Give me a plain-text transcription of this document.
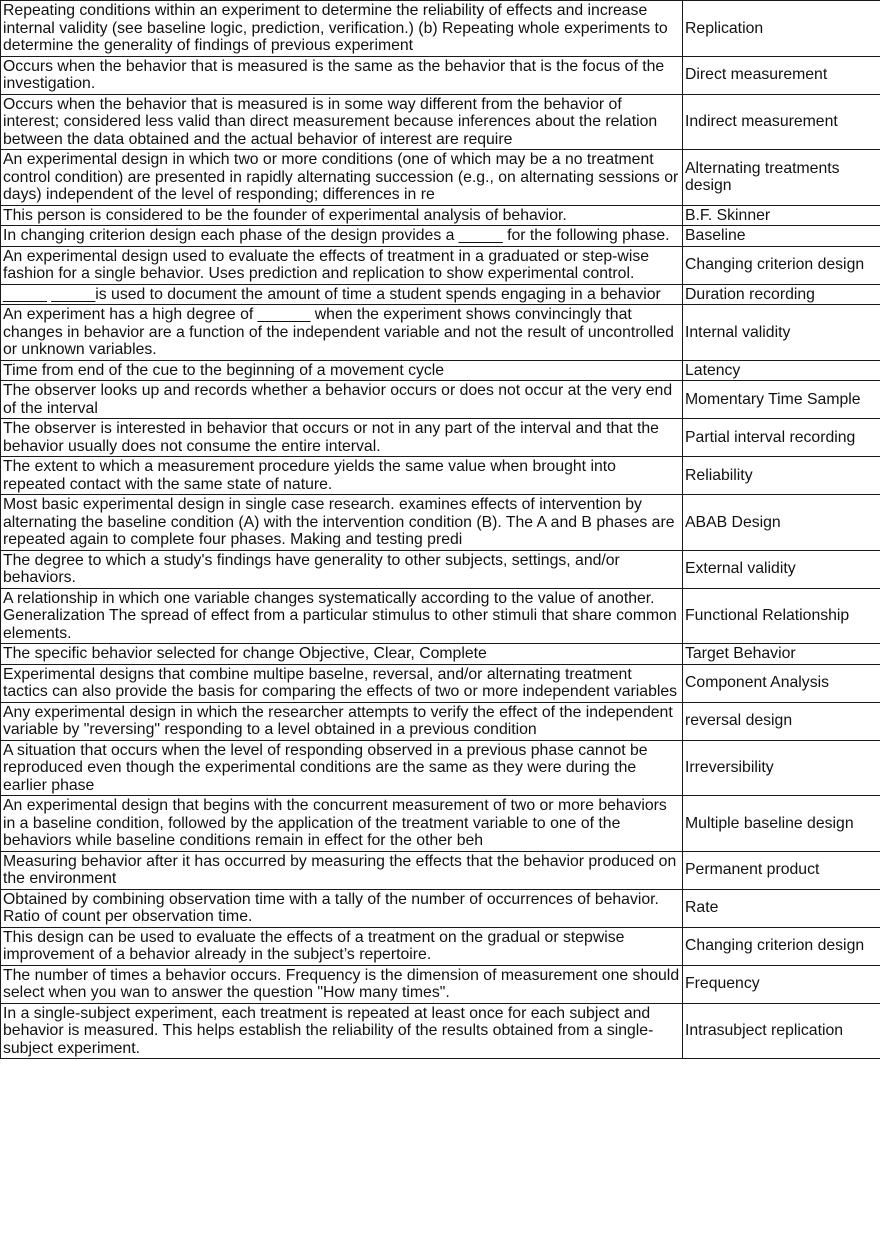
Repeating conditions within an experiment to determine the reliability of effects and increase internal validity (see baseline logic, prediction, verification.) (b) Repeating whole experiments to determine the generality of findings of previous experiment	Replication

Occurs when the behavior that is measured is the same as the behavior that is the focus of the investigation.	Direct measurement

Occurs when the behavior that is measured is in some way different from the behavior of interest; considered less valid than direct measurement because inferences about the relation between the data obtained and the actual behavior of interest are require	Indirect measurement

An experimental design in which two or more conditions (one of which may be a no treatment control condition) are presented in rapidly alternating succession (e.g., on alternating sessions or days) independent of the level of responding; differences in re	Alternating treatments design

This person is considered to be the founder of experimental analysis of behavior.	B.F. Skinner

In changing criterion design each phase of the design provides a _____ for the following phase.	Baseline

An experimental design used to evaluate the effects of treatment in a graduated or step-wise fashion for a single behavior. Uses prediction and replication to show experimental control.	Changing criterion design

_____ _____is used to document the amount of time a student spends engaging in a behavior	Duration recording

An experiment has a high degree of ______ when the experiment shows convincingly that changes in behavior are a function of the independent variable and not the result of uncontrolled or unknown variables.	Internal validity

Time from end of the cue to the beginning of a movement cycle	Latency

The observer looks up and records whether a behavior occurs or does not occur at the very end of the interval	Momentary Time Sample

The observer is interested in behavior that occurs or not in any part of the interval and that the behavior usually does not consume the entire interval.	Partial interval recording

The extent to which a measurement procedure yields the same value when brought into repeated contact with the same state of nature.	Reliability

Most basic experimental design in single case research. examines effects of intervention by alternating the baseline condition (A) with the intervention condition (B). The A and B phases are repeated again to complete four phases. Making and testing predi	ABAB Design

The degree to which a study's findings have generality to other subjects, settings, and/or behaviors.	External validity

A relationship in which one variable changes systematically according to the value of another. Generalization The spread of effect from a particular stimulus to other stimuli that share common elements.	Functional Relationship

The specific behavior selected for change Objective, Clear, Complete	Target Behavior

Experimental designs that combine multipe baselne, reversal, and/or alternating treatment tactics can also provide the basis for comparing the effects of two or more independent variables	Component Analysis

Any experimental design in which the researcher attempts to verify the effect of the independent variable by "reversing" responding to a level obtained in a previous condition	reversal design

A situation that occurs when the level of responding observed in a previous phase cannot be reproduced even though the experimental conditions are the same as they were during the earlier phase	Irreversibility

An experimental design that begins with the concurrent measurement of two or more behaviors in a baseline condition, followed by the application of the treatment variable to one of the behaviors while baseline conditions remain in effect for the other beh	Multiple baseline design

Measuring behavior after it has occurred by measuring the effects that the behavior produced on the environment	Permanent product

Obtained by combining observation time with a tally of the number of occurrences of behavior. Ratio of count per observation time.	Rate

This design can be used to evaluate the effects of a treatment on the gradual or stepwise improvement of a behavior already in the subject’s repertoire.	Changing criterion design

The number of times a behavior occurs. Frequency is the dimension of measurement one should select when you wan to answer the question "How many times".	Frequency

In a single-subject experiment, each treatment is repeated at least once for each subject and behavior is measured. This helps establish the reliability of the results obtained from a single-subject experiment.	Intrasubject replication
